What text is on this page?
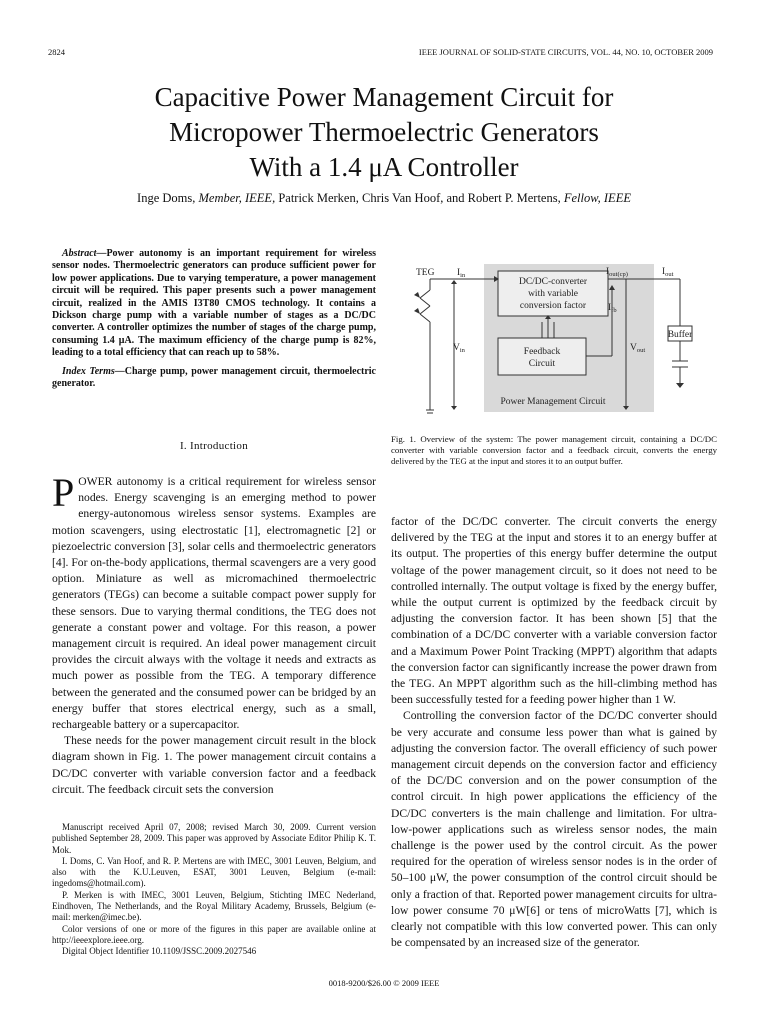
2824	IEEE JOURNAL OF SOLID-STATE CIRCUITS, VOL. 44, NO. 10, OCTOBER 2009
Capacitive Power Management Circuit for
Micropower Thermoelectric Generators
With a 1.4 μA Controller
Inge Doms, Member, IEEE, Patrick Merken, Chris Van Hoof, and Robert P. Mertens, Fellow, IEEE

Abstract—Power autonomy is an important requirement for wireless sensor nodes. Thermoelectric generators can produce sufficient power for low power applications. Due to varying temperature, a power management circuit will be required. This paper presents such a power management circuit, realized in the AMIS I3T80 CMOS technology. It contains a Dickson charge pump with a variable number of stages as a DC/DC converter. A controller optimizes the number of stages of the charge pump, consuming 1.4 μA. The maximum efficiency of the charge pump is 82%, leading to a total efficiency that can reach up to 58%.

Index Terms—Charge pump, power management circuit, thermoelectric generator.

I. Introduction

POWER autonomy is a critical requirement for wireless sensor nodes. Energy scavenging is an emerging method to power energy-autonomous wireless sensor systems. Examples are motion scavengers, using electrostatic [1], electromagnetic [2] or piezoelectric conversion [3], solar cells and thermoelectric generators [4]. For on-the-body applications, thermal scavengers are a very good option. Miniature as well as micromachined thermoelectric generators (TEGs) can become a suitable compact power supply for these sensors. Due to varying thermal conditions, the TEG does not generate a constant power and voltage. For this reason, a power management circuit is required. An ideal power management circuit provides the circuit always with the voltage it needs and extracts as much power as possible from the TEG. A temporary difference between the generated and the consumed power can be bridged by an energy buffer that stores electrical energy, such as a small, rechargeable battery or a supercapacitor.

These needs for the power management circuit result in the block diagram shown in Fig. 1. The power management circuit contains a DC/DC converter with variable conversion factor and a feedback circuit. The feedback circuit sets the conversion

Manuscript received April 07, 2008; revised March 30, 2009. Current version published September 28, 2009. This paper was approved by Associate Editor Philip K. T. Mok.

I. Doms, C. Van Hoof, and R. P. Mertens are with IMEC, 3001 Leuven, Belgium, and also with the K.U.Leuven, ESAT, 3001 Leuven, Belgium (e-mail: ingedoms@hotmail.com).

P. Merken is with IMEC, 3001 Leuven, Belgium, Stichting IMEC Nederland, Eindhoven, The Netherlands, and the Royal Military Academy, Brussels, Belgium (e-mail: merken@imec.be).

Color versions of one or more of the figures in this paper are available online at http://ieeexplore.ieee.org.

Digital Object Identifier 10.1109/JSSC.2009.2027546

DC/DC-converter
with variable
conversion factor
Feedback
Circuit
Power Management Circuit
TEG $I_{in}$
$V_{in}$
$I_{out(cp)}$	$I_{out}$
$I_{fb}$
$V_{out}$
Buffer
Fig. 1. Overview of the system: The power management circuit, containing a DC/DC converter with variable conversion factor and a feedback circuit, converts the energy delivered by the TEG at the input and stores it to an output buffer.

factor of the DC/DC converter. The circuit converts the energy delivered by the TEG at the input and stores it to an energy buffer at its output. The properties of this energy buffer determine the output voltage of the power management circuit, so it does not need to be controlled internally. The output voltage is fixed by the energy buffer, while the output current is optimized by the feedback circuit by adjusting the conversion factor. It has been shown [5] that the combination of a DC/DC converter with a variable conversion factor and a Maximum Power Point Tracking (MPPT) algorithm that adapts the conversion factor can significantly increase the power drawn from the TEG. An MPPT algorithm such as the hill-climbing method has been successfully tested for a feeding power higher than 1 W.

Controlling the conversion factor of the DC/DC converter should be very accurate and consume less power than what is gained by adjusting the conversion factor. The overall efficiency of such power management circuit depends on the conversion factor and efficiency of the DC/DC conversion and on the power consumption of the control circuit. In high power applications the efficiency of the DC/DC converters is the main challenge and limitation. For ultra-low-power applications such as wireless sensor nodes, the main challenge is the power used by the control circuit. As the power required for the operation of wireless sensor nodes is in the order of 50–100 μW, the power consumption of the control circuit should be only a fraction of that. Reported power management circuits for ultra-low power consume 70 μW[6] or tens of microWatts [7], which is clearly not compatible with this low converted power. This can only be compensated by an increased size of the generator.

0018-9200/$26.00 © 2009 IEEE
